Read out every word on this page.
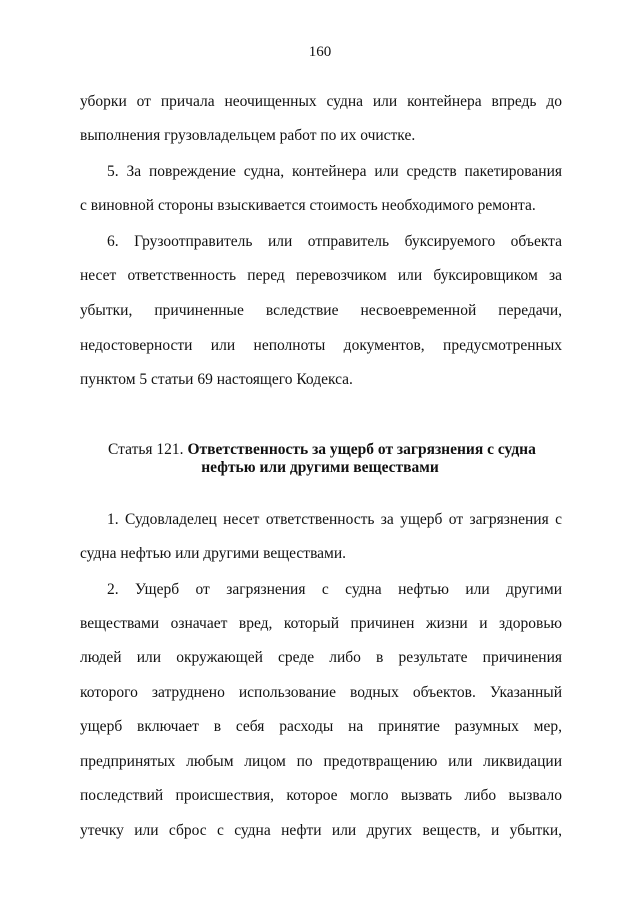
160
уборки от причала неочищенных судна или контейнера впредь до
выполнения грузовладельцем работ по их очистке.
5. За повреждение судна, контейнера или средств пакетирования
с виновной стороны взыскивается стоимость необходимого ремонта.
6. Грузоотправитель или отправитель буксируемого объекта
несет ответственность перед перевозчиком или буксировщиком за
убытки, причиненные вследствие несвоевременной передачи,
недостоверности или неполноты документов, предусмотренных
пунктом 5 статьи 69 настоящего Кодекса.
Статья 121. Ответственность за ущерб от загрязнения с судна
нефтью или другими веществами
1. Судовладелец несет ответственность за ущерб от загрязнения с
судна нефтью или другими веществами.
2. Ущерб от загрязнения с судна нефтью или другими
веществами означает вред, который причинен жизни и здоровью
людей или окружающей среде либо в результате причинения
которого затруднено использование водных объектов. Указанный
ущерб включает в себя расходы на принятие разумных мер,
предпринятых любым лицом по предотвращению или ликвидации
последствий происшествия, которое могло вызвать либо вызвало
утечку или сброс с судна нефти или других веществ, и убытки,
